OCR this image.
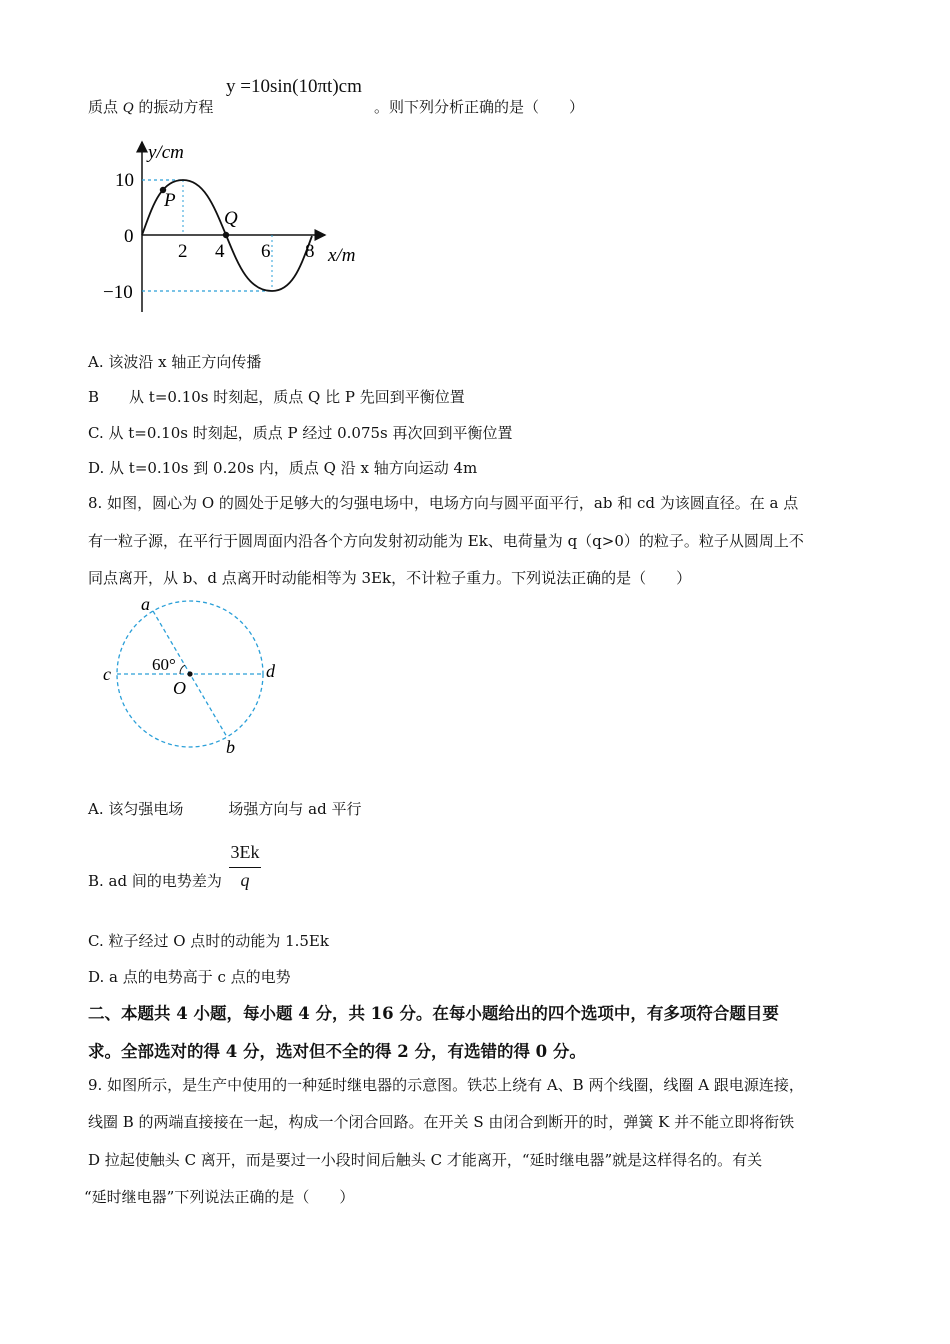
质点 Q 的振动方程
y =10sin(10πt)cm
。则下列分析正确的是（　　）
y/cm
x/m
10
0
−10
2 4 6 8
P
Q
A. 该波沿 x 轴正方向传播
B　　从 t=0.10s 时刻起，质点 Q 比 P 先回到平衡位置
C. 从 t=0.10s 时刻起，质点 P 经过 0.075s 再次回到平衡位置
D. 从 t=0.10s 到 0.20s 内，质点 Q 沿 x 轴方向运动 4m
8. 如图，圆心为 O 的圆处于足够大的匀强电场中，电场方向与圆平面平行，ab 和 cd 为该圆直径。在 a 点
有一粒子源，在平行于圆周面内沿各个方向发射初动能为 Ek、电荷量为 q（q>0）的粒子。粒子从圆周上不
同点离开，从 b、d 点离开时动能相等为 3Ek，不计粒子重力。下列说法正确的是（　　）
a
b
c	d
O
60°
A. 该匀强电场　　　场强方向与 ad 平行
B. ad 间的电势差为
3Ek
q
C. 粒子经过 O 点时的动能为 1.5Ek
D. a 点的电势高于 c 点的电势
二、本题共 4 小题，每小题 4 分，共 16 分。在每小题给出的四个选项中，有多项符合题目要
求。全部选对的得 4 分，选对但不全的得 2 分，有选错的得 0 分。
9. 如图所示，是生产中使用的一种延时继电器的示意图。铁芯上绕有 A、B 两个线圈，线圈 A 跟电源连接，
线圈 B 的两端直接接在一起，构成一个闭合回路。在开关 S 由闭合到断开的时，弹簧 K 并不能立即将衔铁
D 拉起使触头 C 离开，而是要过一小段时间后触头 C 才能离开，“延时继电器”就是这样得名的。有关
“延时继电器”下列说法正确的是（　　）
